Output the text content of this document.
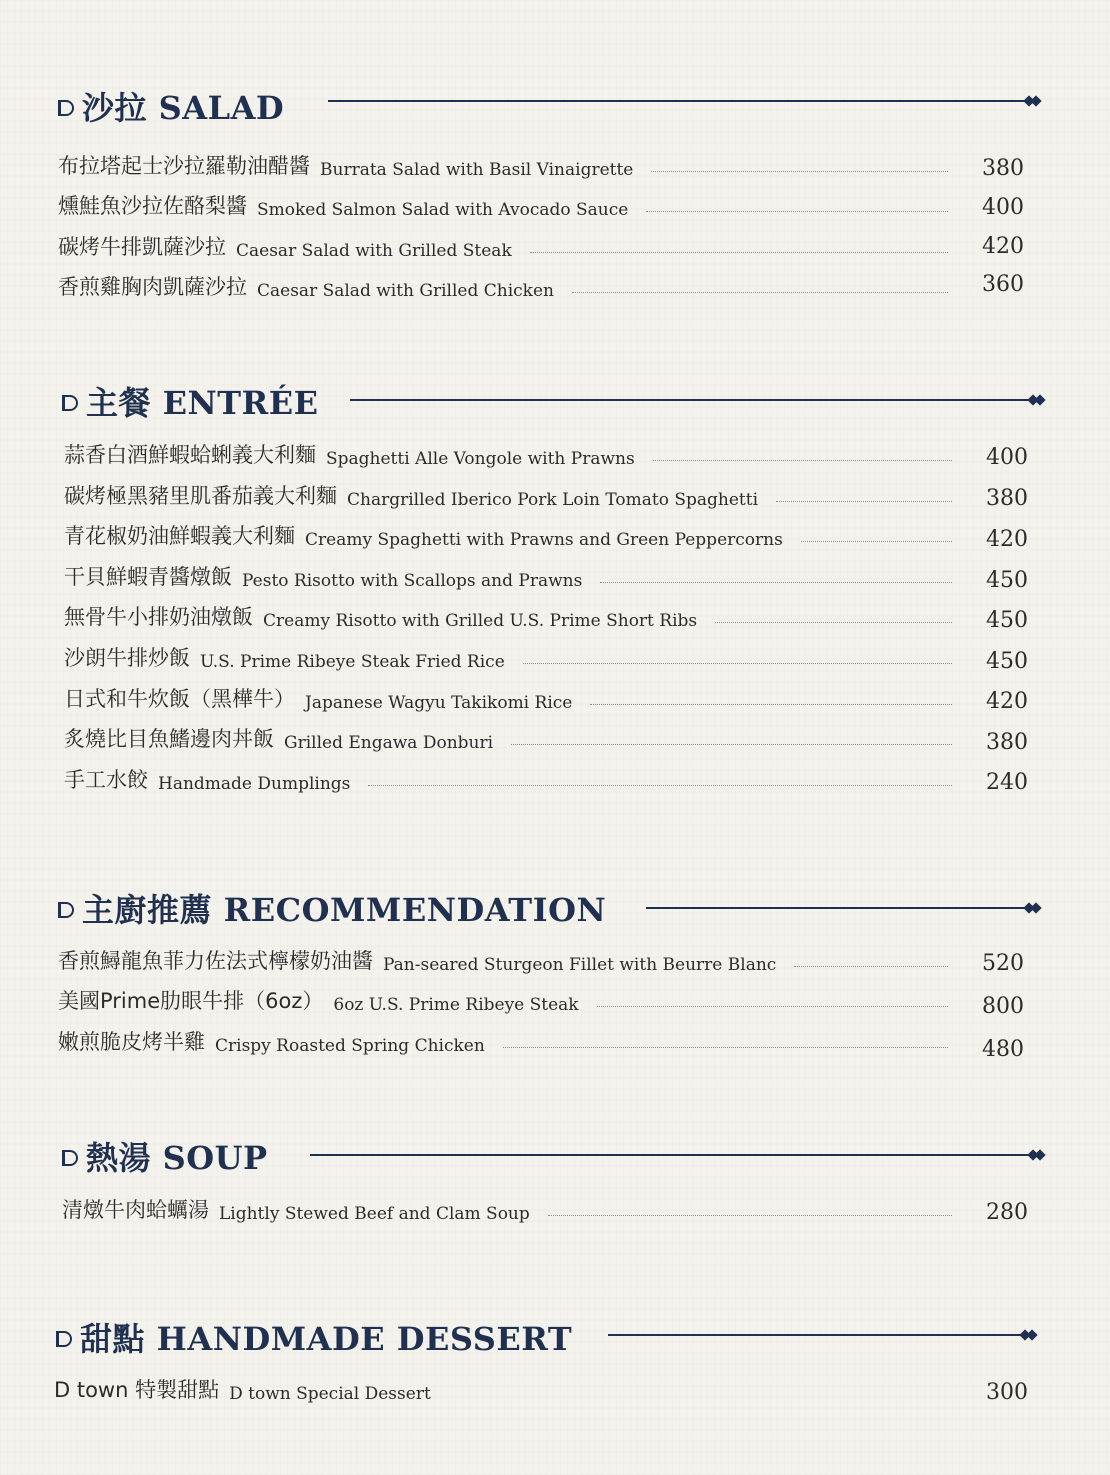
沙拉 SALAD
布拉塔起士沙拉羅勒油醋醬 Burrata Salad with Basil Vinaigrette	380
燻鮭魚沙拉佐酪梨醬 Smoked Salmon Salad with Avocado Sauce	400
碳烤牛排凱薩沙拉 Caesar Salad with Grilled Steak	420
香煎雞胸肉凱薩沙拉 Caesar Salad with Grilled Chicken	360
主餐 ENTRÉE
蒜香白酒鮮蝦蛤蜊義大利麵 Spaghetti Alle Vongole with Prawns	400
碳烤極黑豬里肌番茄義大利麵 Chargrilled Iberico Pork Loin Tomato Spaghetti	380
青花椒奶油鮮蝦義大利麵 Creamy Spaghetti with Prawns and Green Peppercorns	420
干貝鮮蝦青醬燉飯 Pesto Risotto with Scallops and Prawns	450
無骨牛小排奶油燉飯 Creamy Risotto with Grilled U.S. Prime Short Ribs	450
沙朗牛排炒飯 U.S. Prime Ribeye Steak Fried Rice	450
日式和牛炊飯（黑樺牛） Japanese Wagyu Takikomi Rice	420
炙燒比目魚鰭邊肉丼飯 Grilled Engawa Donburi	380
手工水餃 Handmade Dumplings	240
主廚推薦 RECOMMENDATION
香煎鱘龍魚菲力佐法式檸檬奶油醬 Pan-seared Sturgeon Fillet with Beurre Blanc	520
美國Prime肋眼牛排（6oz） 6oz U.S. Prime Ribeye Steak	800
嫩煎脆皮烤半雞 Crispy Roasted Spring Chicken	480
熱湯 SOUP
清燉牛肉蛤蠣湯 Lightly Stewed Beef and Clam Soup	280
甜點 HANDMADE DESSERT
D town 特製甜點 D town Special Dessert	300
